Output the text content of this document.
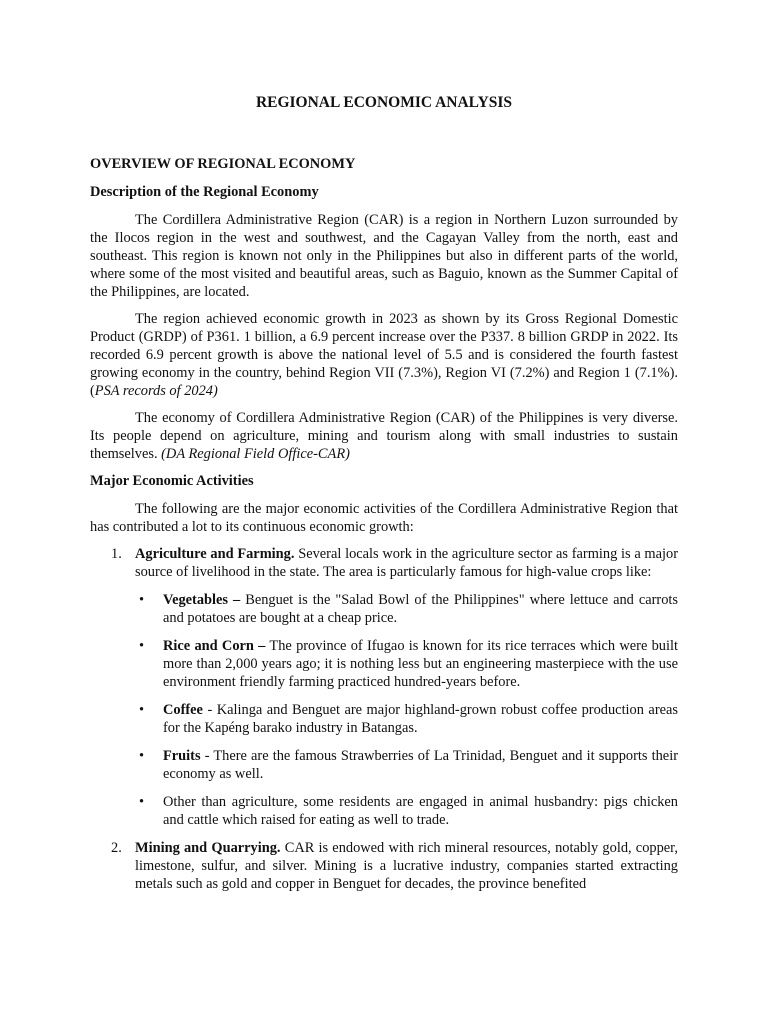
REGIONAL ECONOMIC ANALYSIS
OVERVIEW OF REGIONAL ECONOMY
Description of the Regional Economy

The Cordillera Administrative Region (CAR) is a region in Northern Luzon surrounded by the Ilocos region in the west and southwest, and the Cagayan Valley from the north, east and southeast. This region is known not only in the Philippines but also in different parts of the world, where some of the most visited and beautiful areas, such as Baguio, known as the Summer Capital of the Philippines, are located.

The region achieved economic growth in 2023 as shown by its Gross Regional Domestic Product (GRDP) of P361. 1 billion, a 6.9 percent increase over the P337. 8 billion GRDP in 2022. Its recorded 6.9 percent growth is above the national level of 5.5 and is considered the fourth fastest growing economy in the country, behind Region VII (7.3%), Region VI (7.2%) and Region 1 (7.1%). (PSA records of 2024)

The economy of Cordillera Administrative Region (CAR) of the Philippines is very diverse. Its people depend on agriculture, mining and tourism along with small industries to sustain themselves. (DA Regional Field Office-CAR)

Major Economic Activities

The following are the major economic activities of the Cordillera Administrative Region that has contributed a lot to its continuous economic growth:

1. Agriculture and Farming. Several locals work in the agriculture sector as farming is a major source of livelihood in the state. The area is particularly famous for high-value crops like:
• Vegetables – Benguet is the "Salad Bowl of the Philippines" where lettuce and carrots and potatoes are bought at a cheap price.
• Rice and Corn – The province of Ifugao is known for its rice terraces which were built more than 2,000 years ago; it is nothing less but an engineering masterpiece with the use environment friendly farming practiced hundred-years before.
• Coffee - Kalinga and Benguet are major highland-grown robust coffee production areas for the Kapéng barako industry in Batangas.
• Fruits - There are the famous Strawberries of La Trinidad, Benguet and it supports their economy as well.
• Other than agriculture, some residents are engaged in animal husbandry: pigs chicken and cattle which raised for eating as well to trade.
2. Mining and Quarrying. CAR is endowed with rich mineral resources, notably gold, copper, limestone, sulfur, and silver. Mining is a lucrative industry, companies started extracting metals such as gold and copper in Benguet for decades, the province benefited
